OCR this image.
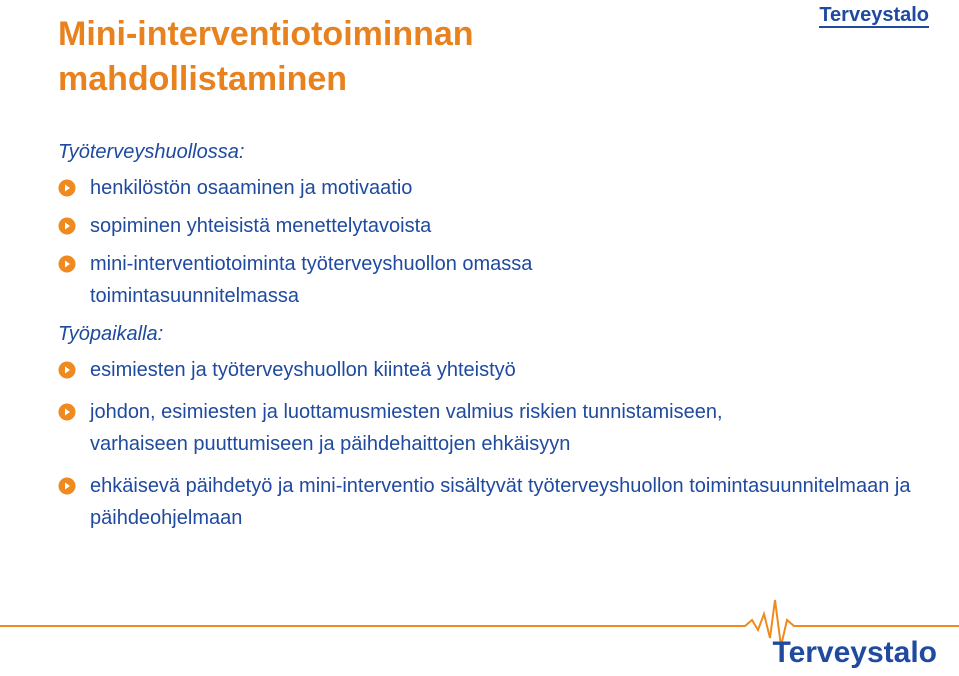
Mini-interventiotoiminnan
mahdollistaminen
Terveystalo

Työterveyshuollossa:

henkilöstön osaaminen ja motivaatio
sopiminen yhteisistä menettelytavoista
mini-interventiotoiminta työterveyshuollon omassa toimintasuunnitelmassa

Työpaikalla:

esimiesten ja työterveyshuollon kiinteä yhteistyö
johdon, esimiesten ja luottamusmiesten valmius riskien tunnistamiseen, varhaiseen puuttumiseen ja päihdehaittojen ehkäisyyn
ehkäisevä päihdetyö ja mini-interventio sisältyvät työterveyshuollon toimintasuunnitelmaan ja päihdeohjelmaan
Terveystalo
